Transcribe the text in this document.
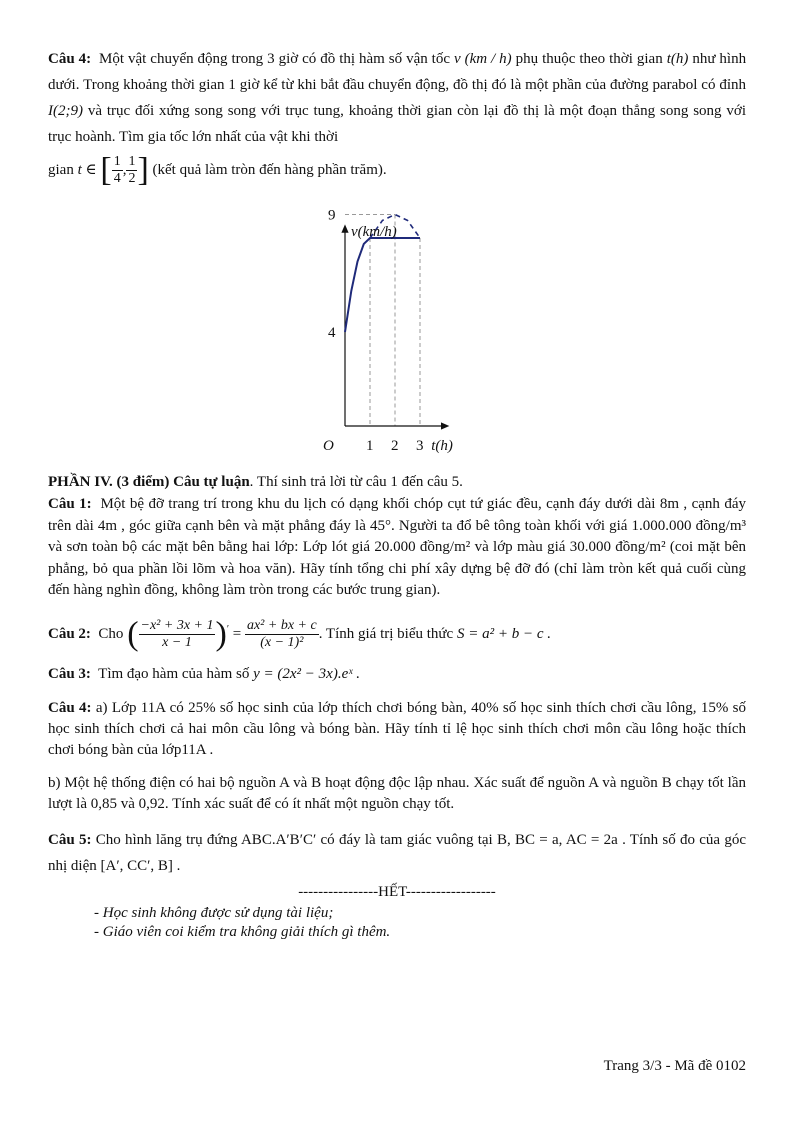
Câu 4: Một vật chuyển động trong 3 giờ có đồ thị hàm số vận tốc v (km / h) phụ thuộc theo thời gian t(h) như hình dưới. Trong khoảng thời gian 1 giờ kể từ khi bắt đầu chuyển động, đồ thị đó là một phần của đường parabol có đỉnh I(2;9) và trục đối xứng song song với trục tung, khoảng thời gian còn lại đồ thị là một đoạn thẳng song song với trục hoành. Tìm gia tốc lớn nhất của vật khi thời

gian t ∈ [ $\frac{1}{4}$ , $\frac{1}{2}$ ] (kết quả làm tròn đến hàng phần trăm).

PHẦN IV. (3 điểm) Câu tự luận. Thí sinh trả lời từ câu 1 đến câu 5.

Câu 1: Một bệ đỡ trang trí trong khu du lịch có dạng khối chóp cụt tứ giác đều, cạnh đáy dưới dài 8m , cạnh đáy trên dài 4m , góc giữa cạnh bên và mặt phẳng đáy là 45°. Người ta đổ bê tông toàn khối với giá 1.000.000 đồng/m³ và sơn toàn bộ các mặt bên bằng hai lớp: Lớp lót giá 20.000 đồng/m² và lớp màu giá 30.000 đồng/m² (coi mặt bên phẳng, bỏ qua phần lồi lõm và hoa văn). Hãy tính tổng chi phí xây dựng bệ đỡ đó (chỉ làm tròn kết quả cuối cùng đến hàng nghìn đồng, không làm tròn trong các bước trung gian).

Câu 2: Cho ( $\frac{\text{−x² + 3x + 1}}{x - 1} )' = \frac{\text{ax² + bx + c}}{\text{(x − 1)²}}$ . Tính giá trị biểu thức S = a² + b − c .

Câu 3: Tìm đạo hàm của hàm số y = (2x² − 3x).eˣ .

Câu 4: a) Lớp 11A có 25% số học sinh của lớp thích chơi bóng bàn, 40% số học sinh thích chơi cầu lông, 15% số học sinh thích chơi cả hai môn cầu lông và bóng bàn. Hãy tính tỉ lệ học sinh thích chơi môn cầu lông hoặc thích chơi bóng bàn của lớp11A .

b) Một hệ thống điện có hai bộ nguồn A và B hoạt động độc lập nhau. Xác suất để nguồn A và nguồn B chạy tốt lần lượt là 0,85 và 0,92. Tính xác suất để có ít nhất một nguồn chạy tốt.

Câu 5: Cho hình lăng trụ đứng ABC.A′B′C′ có đáy là tam giác vuông tại B, BC = a, AC = 2a . Tính số đo của góc nhị diện [A′, CC′, B] .

----------------HẾT------------------

- Học sinh không được sử dụng tài liệu;
- Giáo viên coi kiểm tra không giải thích gì thêm.
v(km/h)
t(h)
O 1 2 3
4
9
Trang 3/3 - Mã đề 0102
